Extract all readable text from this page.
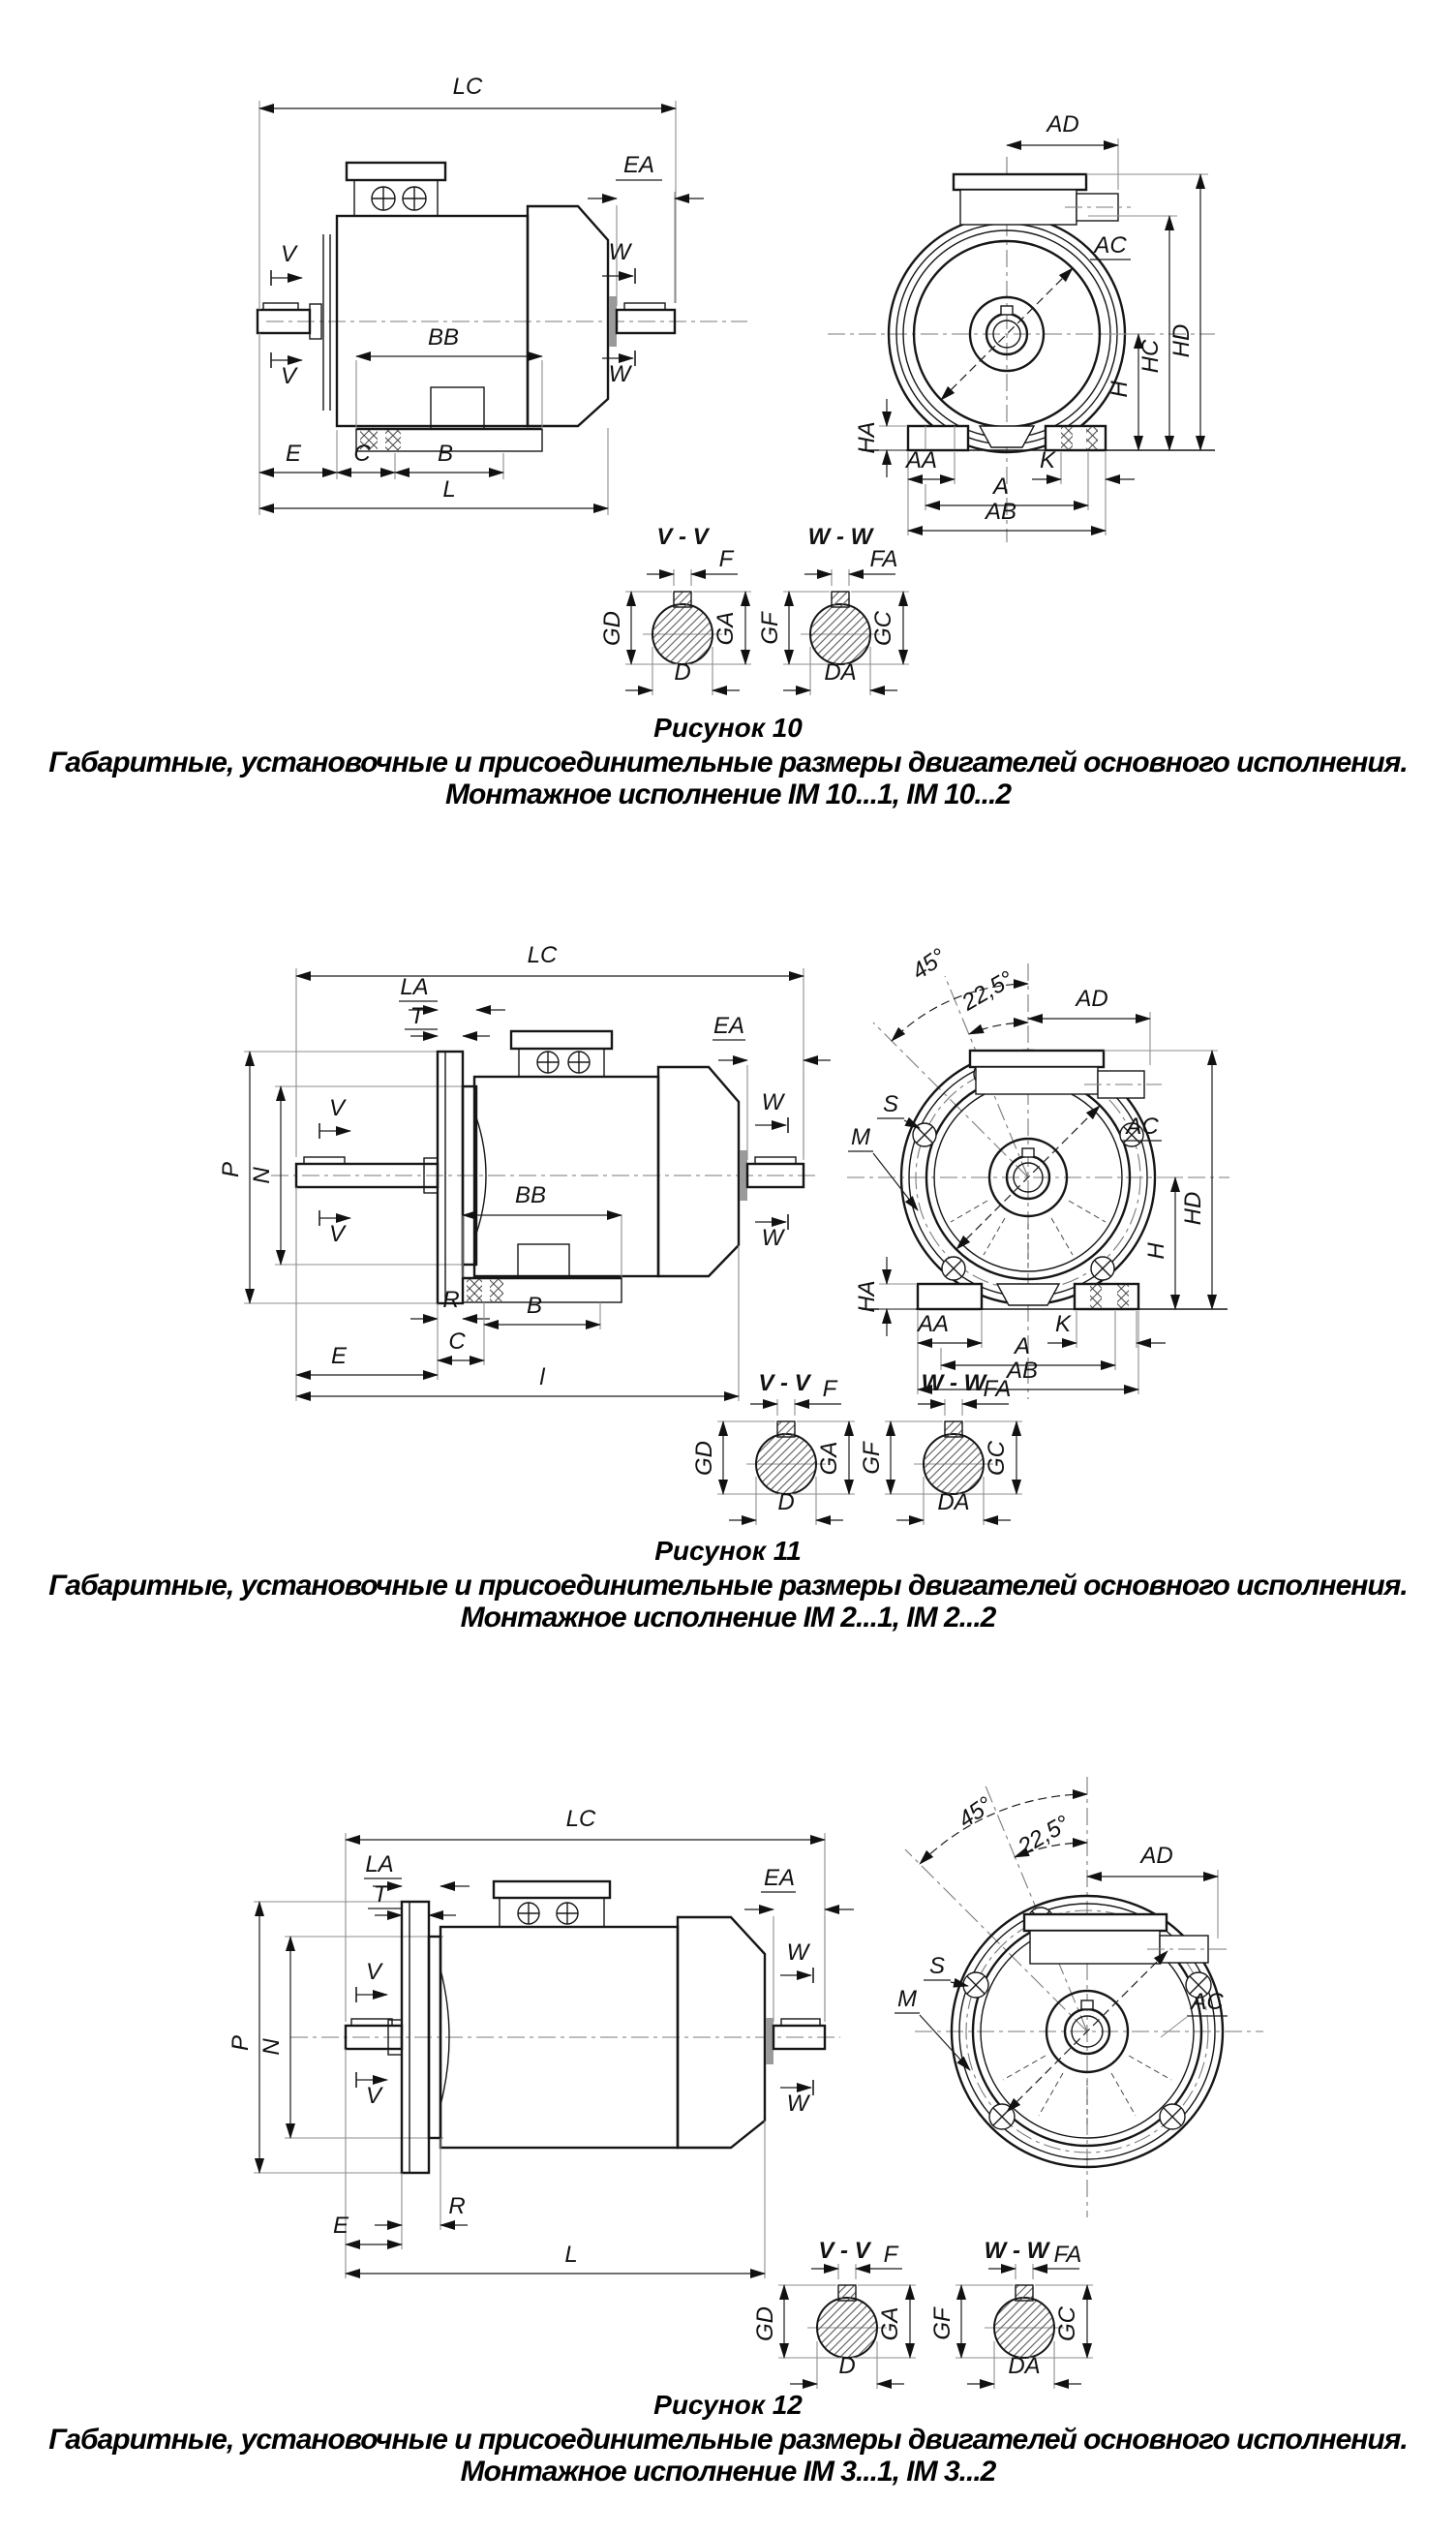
LC
EA
V
V
W
W
BB
E C	B
L
AD
AC
HD
HC
H
HA
AA	K
A
AB
V - V
F
GA
GD
D
W - W
FA
GC
GF
DA
P N
LC
LA
T
V
V
EA
W
W
BB
R	B
C
E
l
45°
22,5° AD
S
M	AC
HD
H
HA
AA	K
A
AB
V - V F
GA
GD
D
W - W
FA
GC
GF
DA
P N
LC
LA
T
V
V
EA
W
W
E
R
L
45° 22,5°	AD
S
M	AC
V - V F
GA
GD
D
W - W FA
GC
GF
DA
Рисунок 10
Габаритные, установочные и присоединительные размеры двигателей основного исполнения.
Монтажное исполнение IM 10...1, IM 10...2
Рисунок 11
Габаритные, установочные и присоединительные размеры двигателей основного исполнения.
Монтажное исполнение IM 2...1, IM 2...2
Рисунок 12
Габаритные, установочные и присоединительные размеры двигателей основного исполнения.
Монтажное исполнение IM 3...1, IM 3...2
